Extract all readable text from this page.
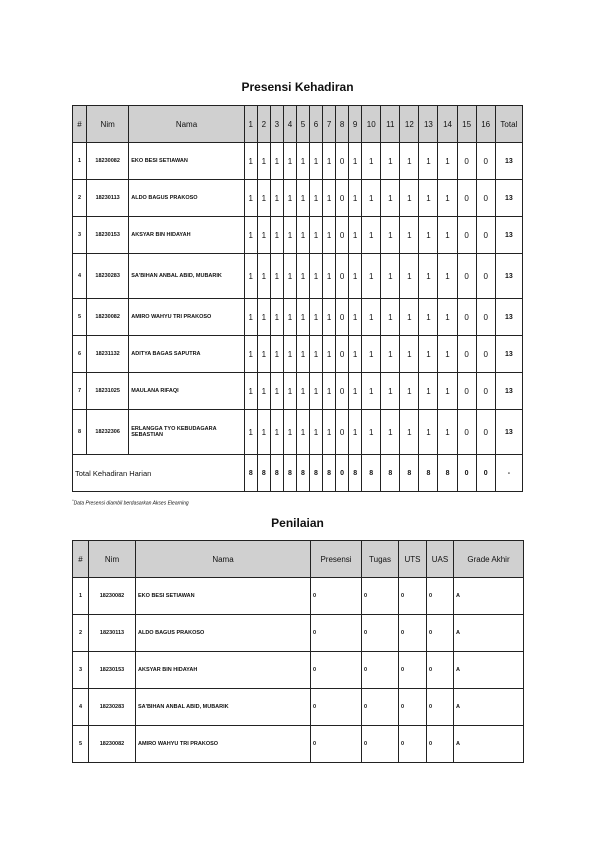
Presensi Kehadiran
#	Nim	Nama	1	2	3	4	5	6	7	8	9	10	11	12	13	14	15	16	Total
1	18230082	EKO BESI SETIAWAN	1	1	1	1	1	1	1	0	1	1	1	1	1	1	0	0	13
2	18230113	ALDO BAGUS PRAKOSO	1	1	1	1	1	1	1	0	1	1	1	1	1	1	0	0	13
3	18230153	AKSYAR BIN HIDAYAH	1	1	1	1	1	1	1	0	1	1	1	1	1	1	0	0	13
4	18230283	SA'BIHAN ANBAL ABID, MUBARIK	1	1	1	1	1	1	1	0	1	1	1	1	1	1	0	0	13
5	18230082	AMIRO WAHYU TRI PRAKOSO	1	1	1	1	1	1	1	0	1	1	1	1	1	1	0	0	13
6	18231132	ADITYA BAGAS SAPUTRA	1	1	1	1	1	1	1	0	1	1	1	1	1	1	0	0	13
7	18231025	MAULANA RIFAQI	1	1	1	1	1	1	1	0	1	1	1	1	1	1	0	0	13
8	18232306	ERLANGGA TYO KEBUDAGARA SEBASTIAN	1	1	1	1	1	1	1	0	1	1	1	1	1	1	0	0	13
Total Kehadiran Harian			8	8	8	8	8	8	8	0	8	8	8	8	8	8	0	0	-
*Data Presensi diambil berdasarkan Akses Elearning
Penilaian
#	Nim	Nama	Presensi	Tugas	UTS	UAS	Grade Akhir
1	18230082	EKO BESI SETIAWAN	0	0	0	0	A
2	18230113	ALDO BAGUS PRAKOSO	0	0	0	0	A
3	18230153	AKSYAR BIN HIDAYAH	0	0	0	0	A
4	18230283	SA'BIHAN ANBAL ABID, MUBARIK	0	0	0	0	A
5	18230082	AMIRO WAHYU TRI PRAKOSO	0	0	0	0	A
